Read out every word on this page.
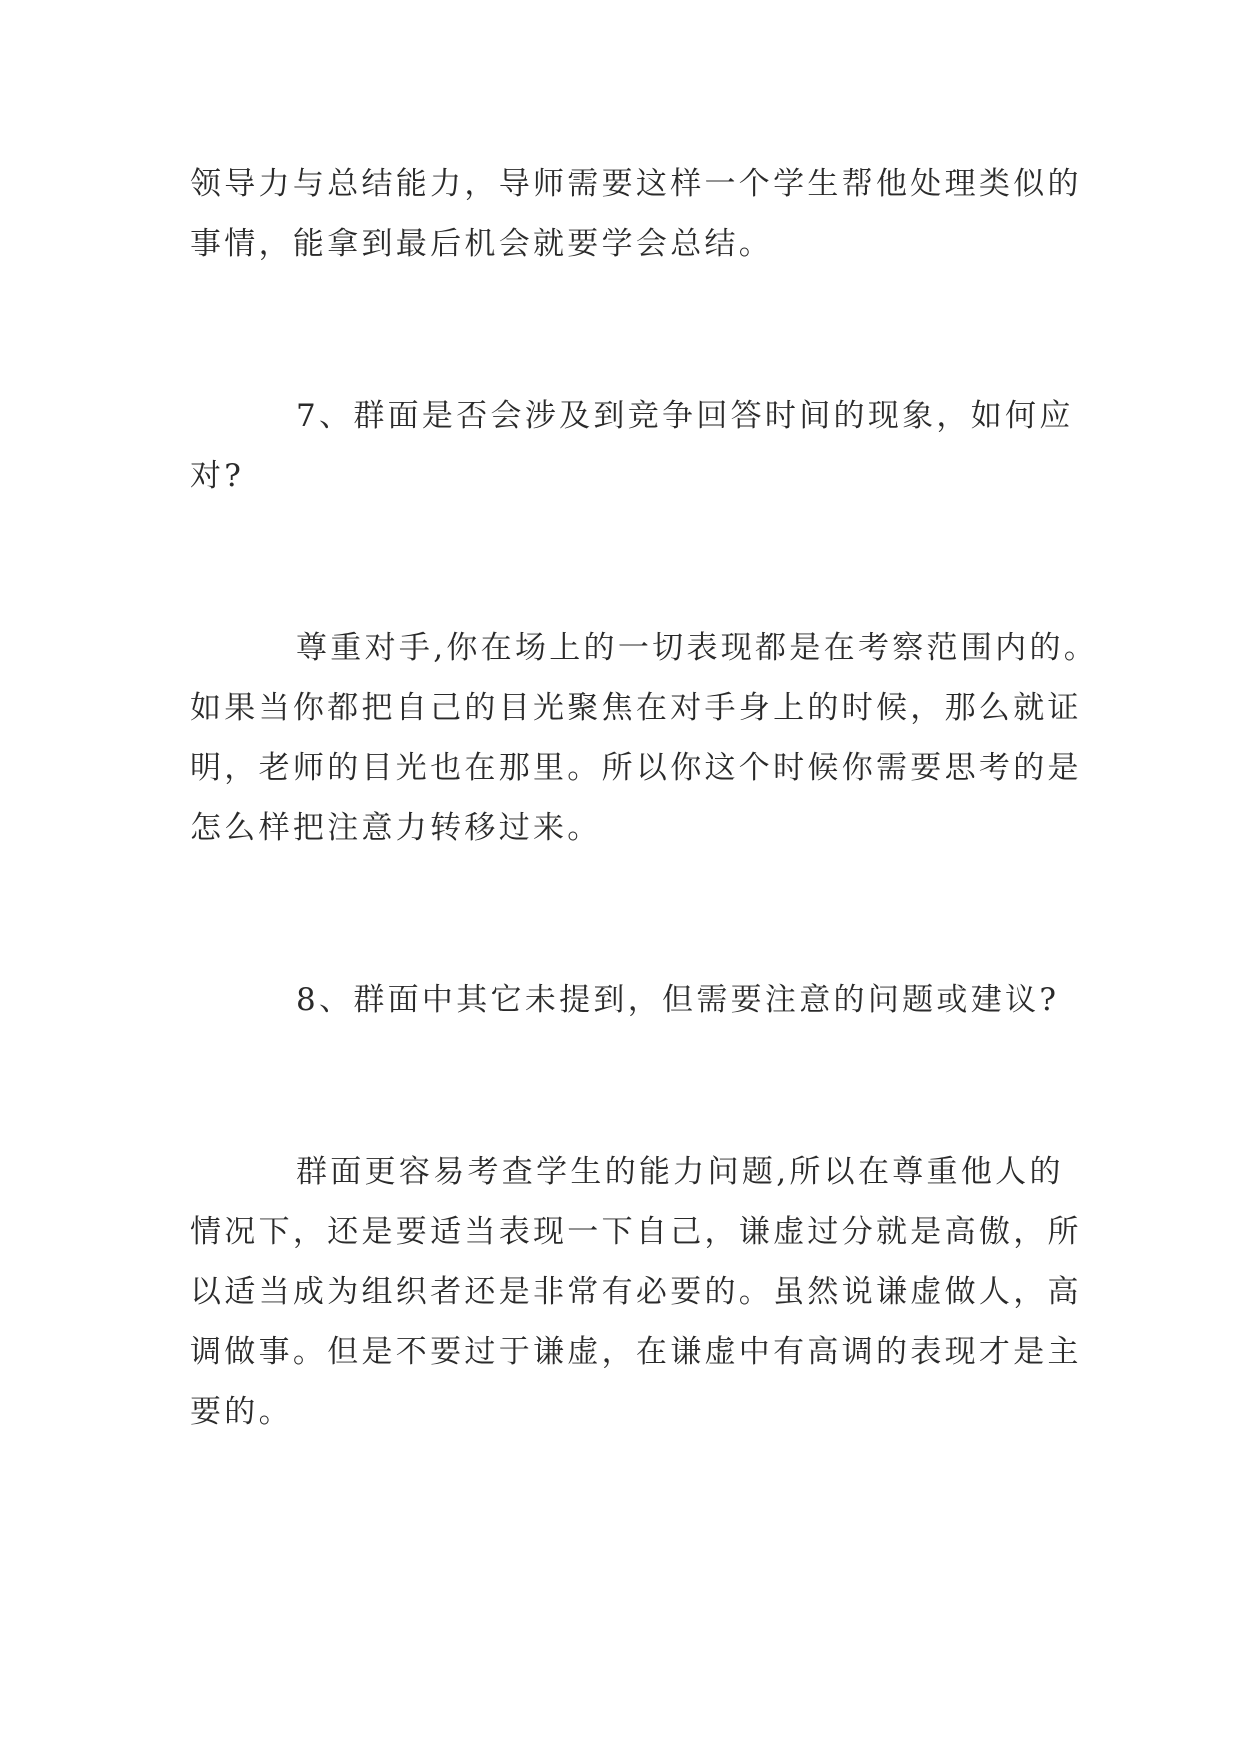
领导力与总结能力，导师需要这样一个学生帮他处理类似的
事情，能拿到最后机会就要学会总结。
7、群面是否会涉及到竞争回答时间的现象，如何应
对?
尊重对手,你在场上的一切表现都是在考察范围内的。
如果当你都把自己的目光聚焦在对手身上的时候，那么就证
明，老师的目光也在那里。所以你这个时候你需要思考的是
怎么样把注意力转移过来。
8、群面中其它未提到，但需要注意的问题或建议?
群面更容易考查学生的能力问题,所以在尊重他人的
情况下，还是要适当表现一下自己，谦虚过分就是高傲，所
以适当成为组织者还是非常有必要的。虽然说谦虚做人，高
调做事。但是不要过于谦虚，在谦虚中有高调的表现才是主
要的。
